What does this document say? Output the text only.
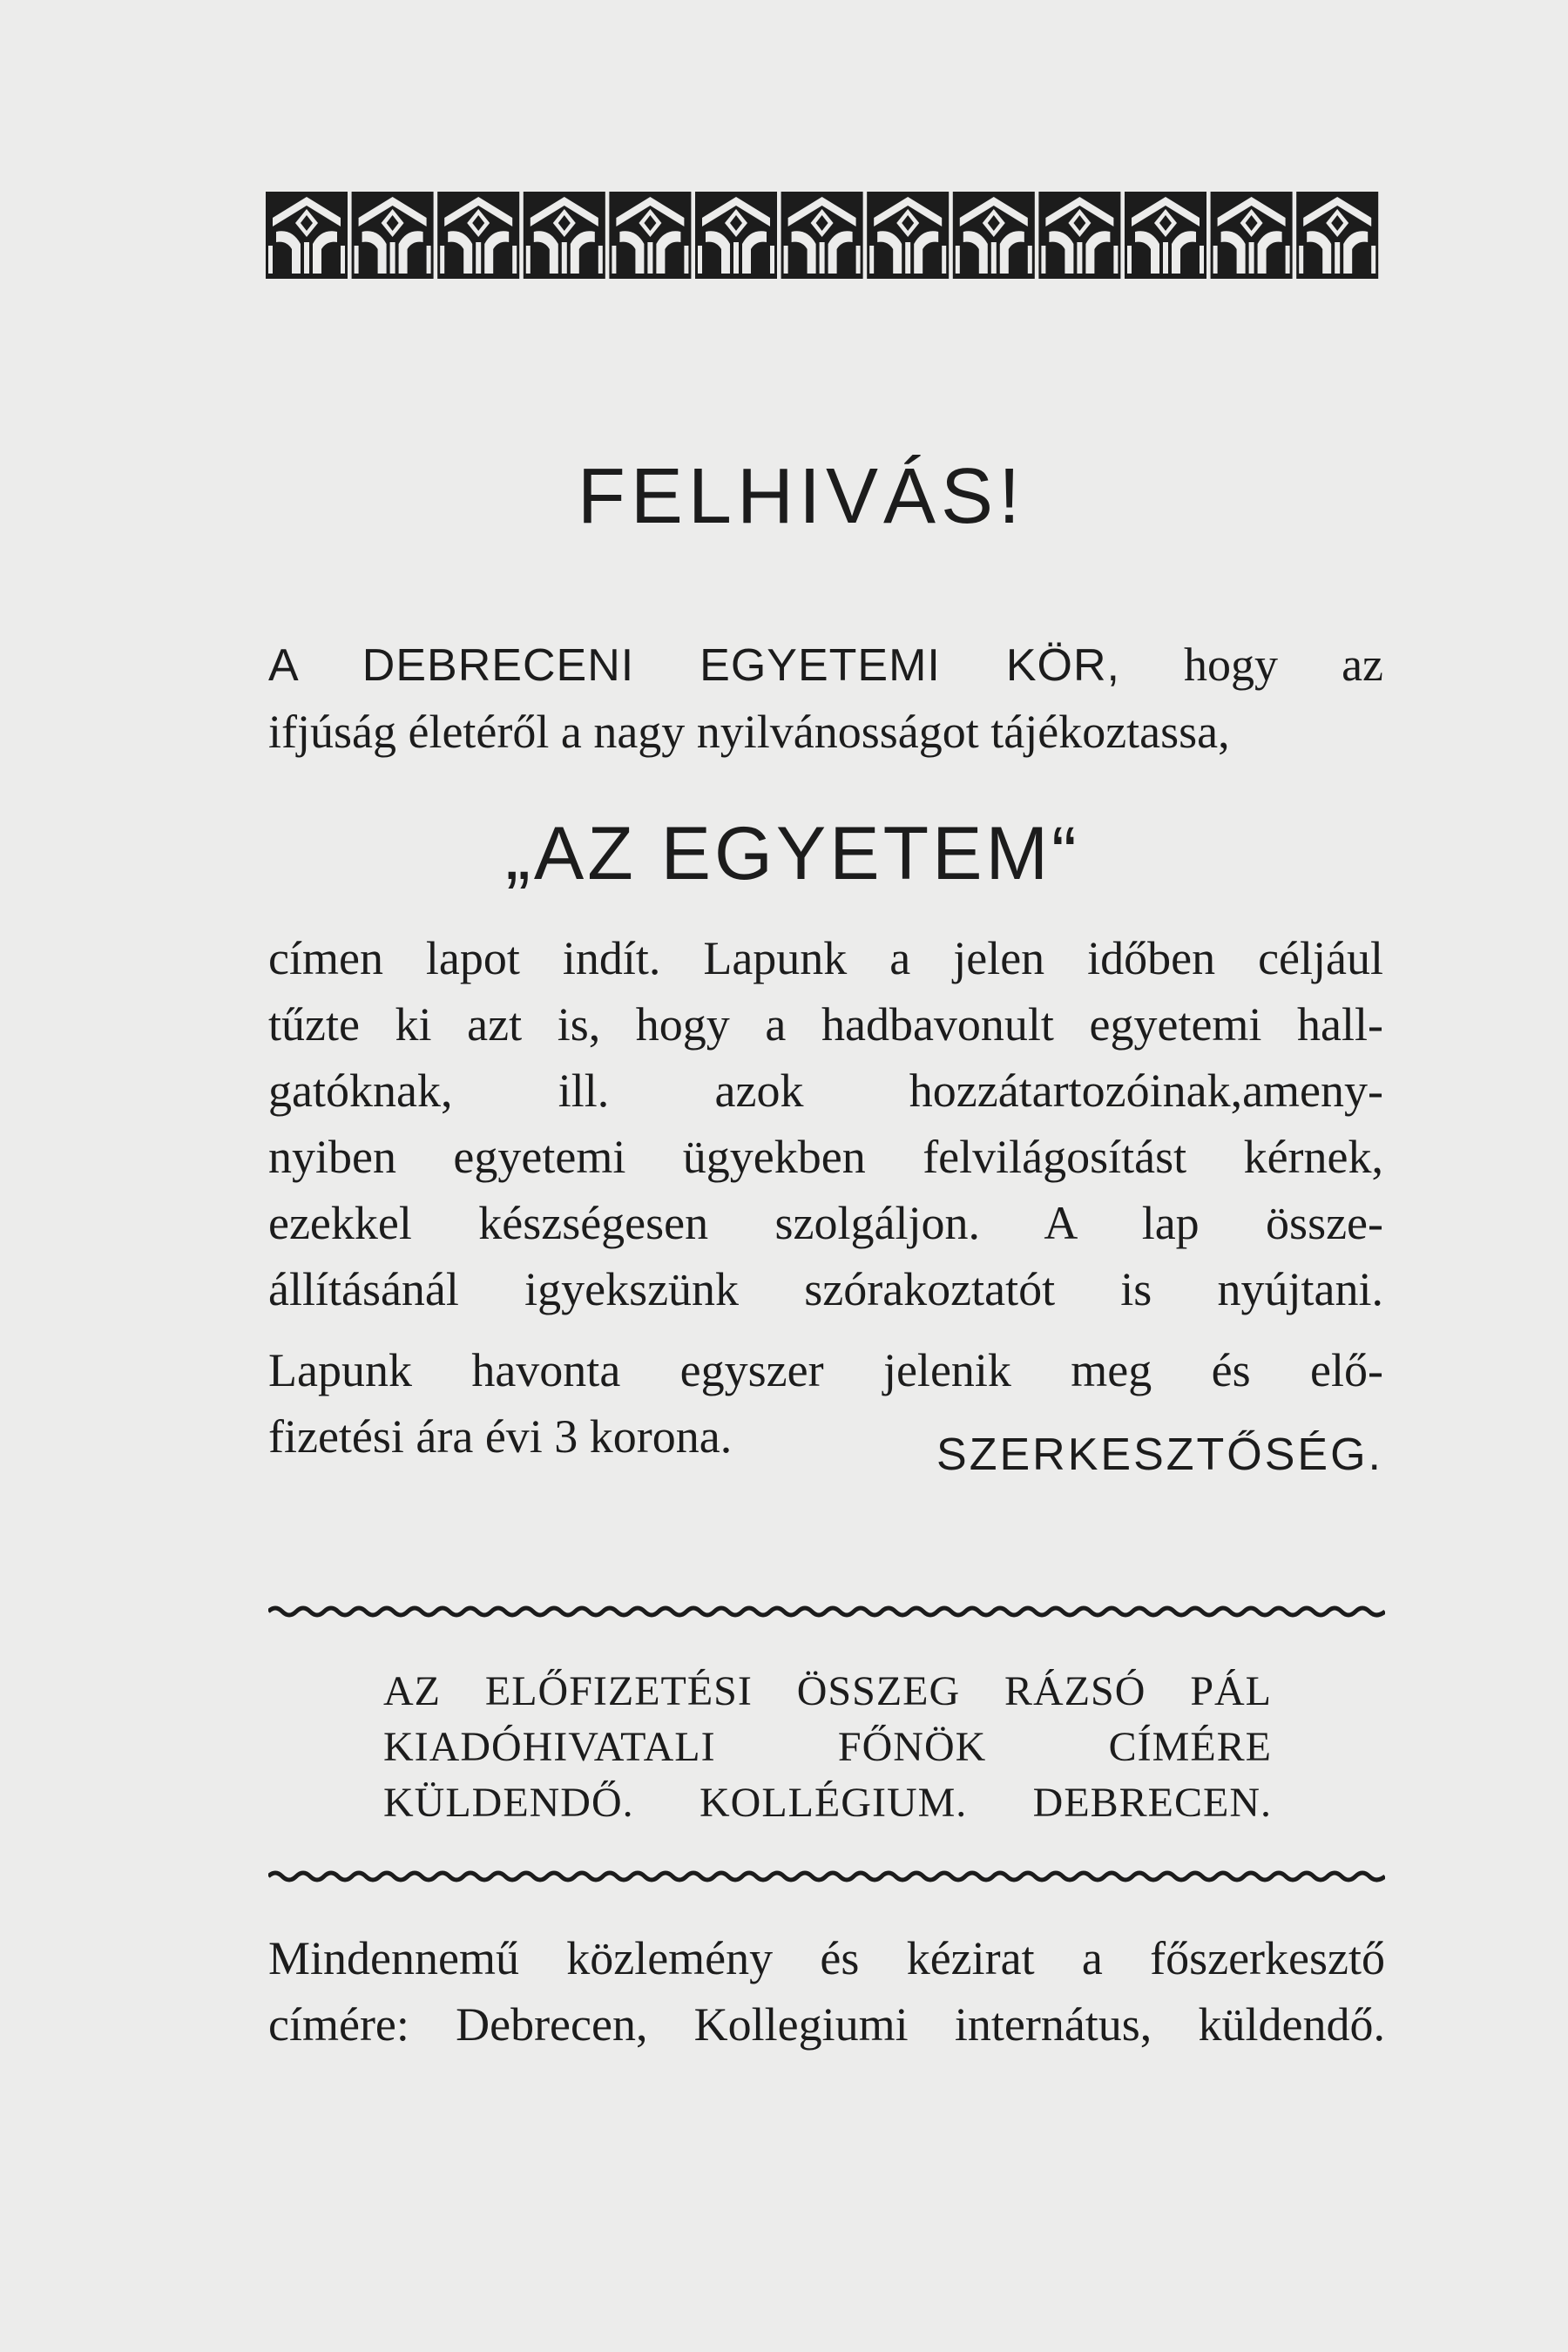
FELHIVÁS!
A DEBRECENI EGYETEMI KÖR, hogy az
ifjúság életéről a nagy nyilvánosságot tájékoztassa,
„AZ EGYETEM“
címen lapot indít. Lapunk a jelen időben céljául
tűzte ki azt is, hogy a hadbavonult egyetemi hall-
gatóknak, ill. azok hozzátartozóinak,ameny-
nyiben egyetemi ügyekben felvilágosítást kérnek,
ezekkel készségesen szolgáljon. A lap össze-
állításánál igyekszünk szórakoztatót is nyújtani.
Lapunk havonta egyszer jelenik meg és elő-
fizetési ára évi 3 korona.	SZERKESZTŐSÉG.
AZ ELŐFIZETÉSI ÖSSZEG RÁZSÓ PÁL
KIADÓHIVATALI FŐNÖK CÍMÉRE
KÜLDENDŐ. KOLLÉGIUM. DEBRECEN.
Mindennemű közlemény és kézirat a főszerkesztő
címére: Debrecen, Kollegiumi internátus, küldendő.
